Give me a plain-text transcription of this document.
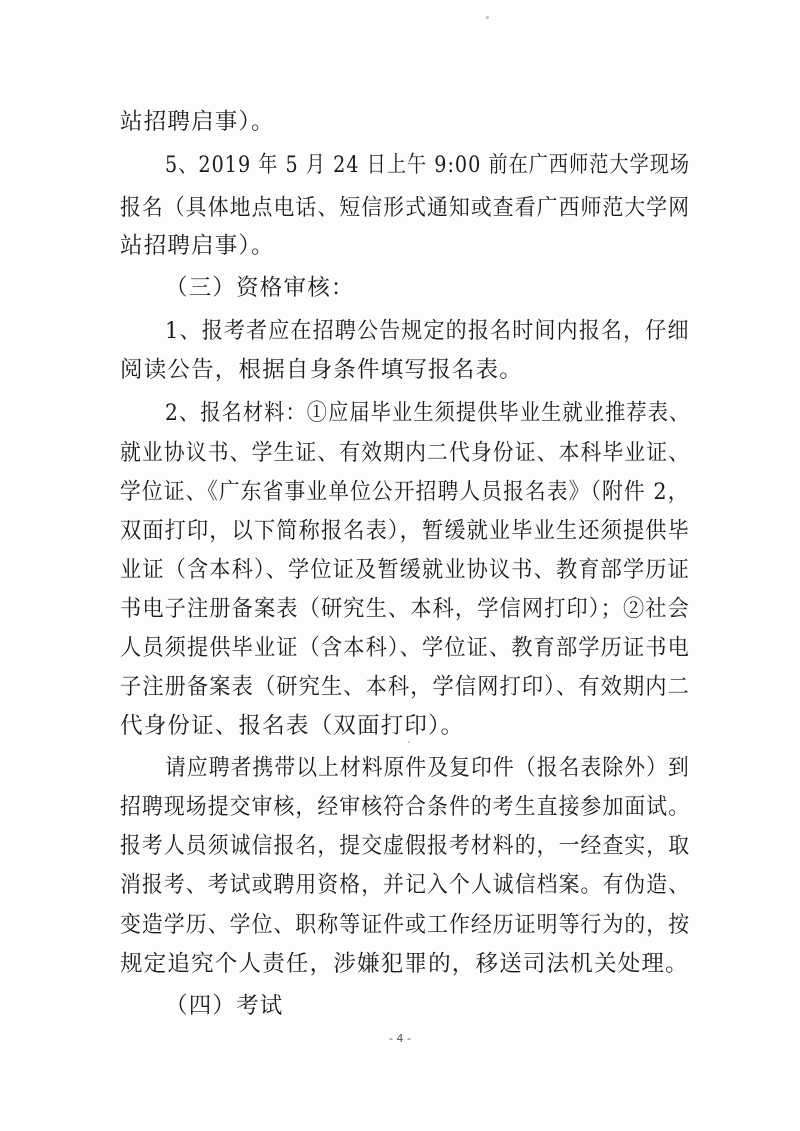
站招聘启事）。
5、2019 年 5 月 24 日上午 9:00 前在广西师范大学现场
报名（具体地点电话、短信形式通知或查看广西师范大学网
站招聘启事）。
（三）资格审核：
1、报考者应在招聘公告规定的报名时间内报名，仔细
阅读公告，根据自身条件填写报名表。
2、报名材料：①应届毕业生须提供毕业生就业推荐表、
就业协议书、学生证、有效期内二代身份证、本科毕业证、
学位证、《广东省事业单位公开招聘人员报名表》（附件 2，
双面打印，以下简称报名表），暂缓就业毕业生还须提供毕
业证（含本科）、学位证及暂缓就业协议书、教育部学历证
书电子注册备案表（研究生、本科，学信网打印）；②社会
人员须提供毕业证（含本科）、学位证、教育部学历证书电
子注册备案表（研究生、本科，学信网打印）、有效期内二
代身份证、报名表（双面打印）。
请应聘者携带以上材料原件及复印件（报名表除外）到
招聘现场提交审核，经审核符合条件的考生直接参加面试。
报考人员须诚信报名，提交虚假报考材料的，一经查实，取
消报考、考试或聘用资格，并记入个人诚信档案。有伪造、
变造学历、学位、职称等证件或工作经历证明等行为的，按
规定追究个人责任，涉嫌犯罪的，移送司法机关处理。
（四）考试
- 4 -
